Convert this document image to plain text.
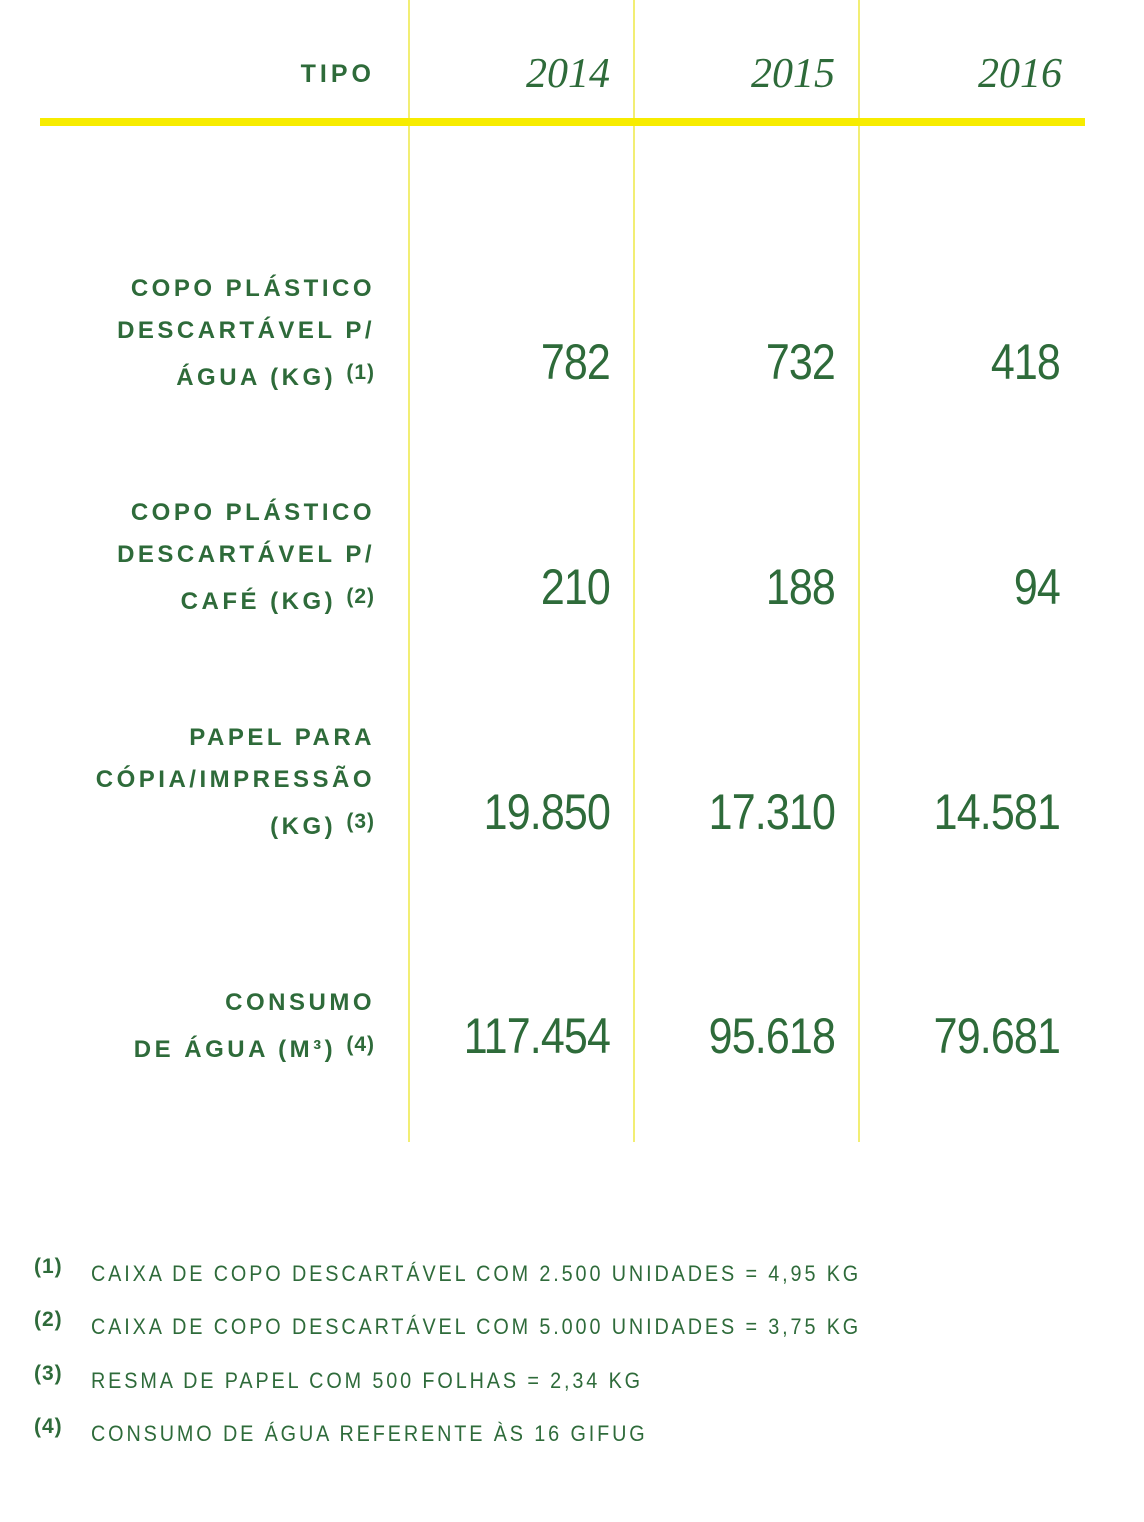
TIPO	2014	2015	2016
COPO PLÁSTICO
DESCARTÁVEL P/
ÁGUA (KG) $^{(1)}$	782	732	418
COPO PLÁSTICO
DESCARTÁVEL P/
CAFÉ (KG) $^{(2)}$	210	188	94
PAPEL PARA
CÓPIA/IMPRESSÃO
(KG) $^{(3)}$	19.850	17.310	14.581
CONSUMO
DE ÁGUA (M³) $^{(4)}$	117.454	95.618	79.681
(1) CAIXA DE COPO DESCARTÁVEL COM 2.500 UNIDADES = 4,95 KG
(2) CAIXA DE COPO DESCARTÁVEL COM 5.000 UNIDADES = 3,75 KG
(3) RESMA DE PAPEL COM 500 FOLHAS = 2,34 KG
(4) CONSUMO DE ÁGUA REFERENTE ÀS 16 GIFUG
